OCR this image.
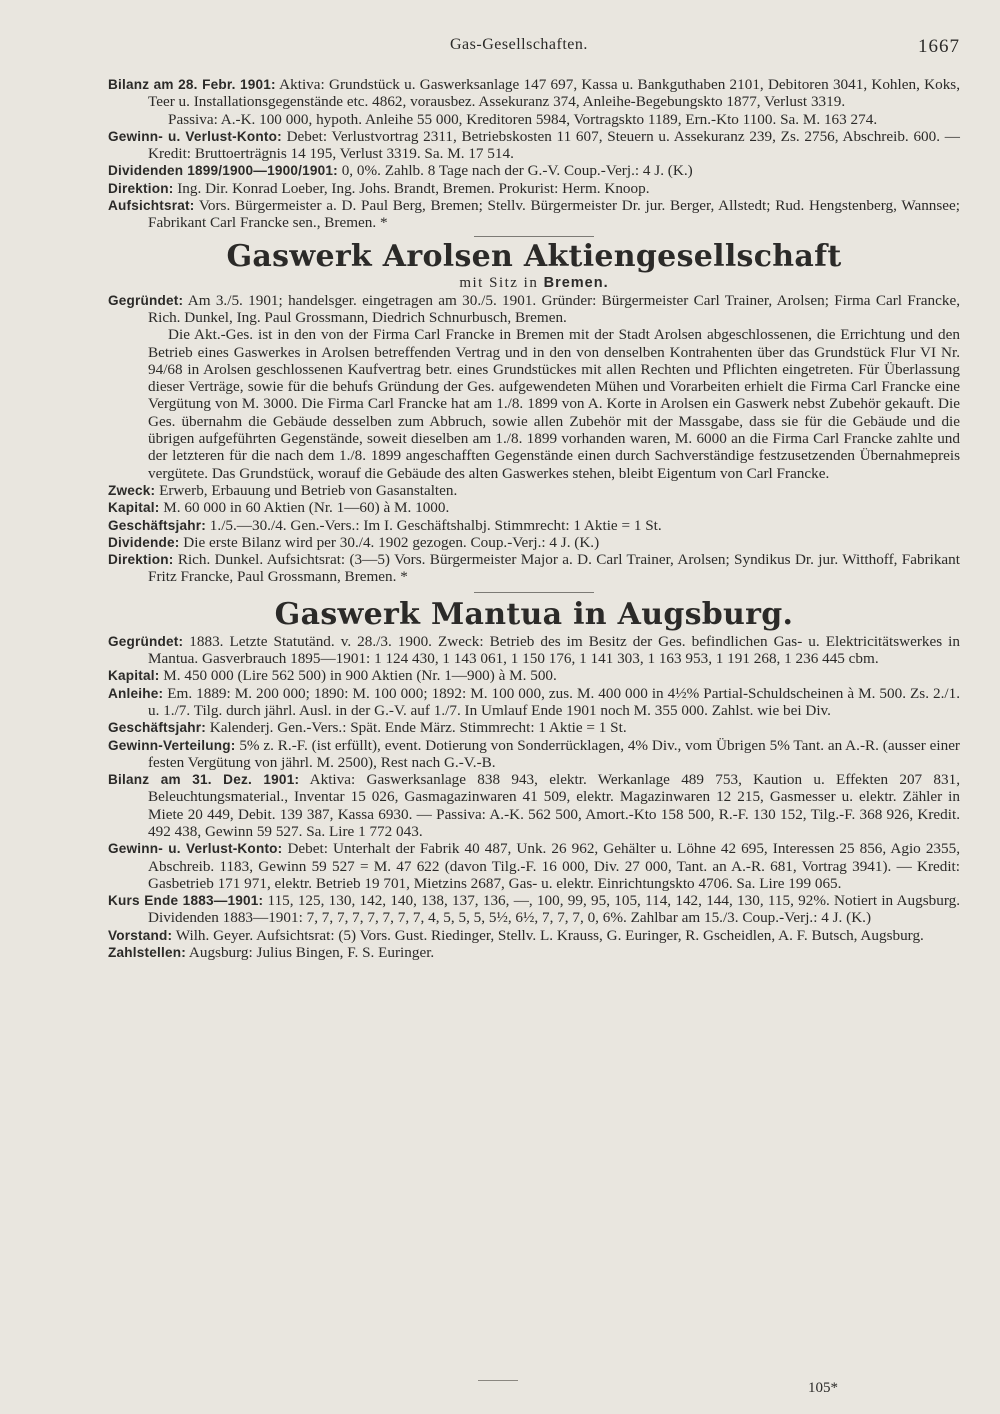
Gas-Gesellschaften.	1667
Bilanz am 28. Febr. 1901: Aktiva: Grundstück u. Gaswerksanlage 147 697, Kassa u. Bankguthaben 2101, Debitoren 3041, Kohlen, Koks, Teer u. Installationsgegenstände etc. 4862, vorausbez. Assekuranz 374, Anleihe-Begebungskto 1877, Verlust 3319.
Passiva: A.-K. 100 000, hypoth. Anleihe 55 000, Kreditoren 5984, Vortragskto 1189, Ern.-Kto 1100. Sa. M. 163 274.
Gewinn- u. Verlust-Konto: Debet: Verlustvortrag 2311, Betriebskosten 11 607, Steuern u. Assekuranz 239, Zs. 2756, Abschreib. 600. — Kredit: Bruttoerträgnis 14 195, Verlust 3319. Sa. M. 17 514.
Dividenden 1899/1900—1900/1901: 0, 0%. Zahlb. 8 Tage nach der G.-V. Coup.-Verj.: 4 J. (K.)
Direktion: Ing. Dir. Konrad Loeber, Ing. Johs. Brandt, Bremen. Prokurist: Herm. Knoop.
Aufsichtsrat: Vors. Bürgermeister a. D. Paul Berg, Bremen; Stellv. Bürgermeister Dr. jur. Berger, Allstedt; Rud. Hengstenberg, Wannsee; Fabrikant Carl Francke sen., Bremen. *
Gaswerk Arolsen Aktiengesellschaft
mit Sitz in Bremen.
Gegründet: Am 3./5. 1901; handelsger. eingetragen am 30./5. 1901. Gründer: Bürgermeister Carl Trainer, Arolsen; Firma Carl Francke, Rich. Dunkel, Ing. Paul Grossmann, Diedrich Schnurbusch, Bremen.
Die Akt.-Ges. ist in den von der Firma Carl Francke in Bremen mit der Stadt Arolsen abgeschlossenen, die Errichtung und den Betrieb eines Gaswerkes in Arolsen betreffenden Vertrag und in den von denselben Kontrahenten über das Grundstück Flur VI Nr. 94/68 in Arolsen geschlossenen Kaufvertrag betr. eines Grundstückes mit allen Rechten und Pflichten eingetreten. Für Überlassung dieser Verträge, sowie für die behufs Gründung der Ges. aufgewendeten Mühen und Vorarbeiten erhielt die Firma Carl Francke eine Vergütung von M. 3000. Die Firma Carl Francke hat am 1./8. 1899 von A. Korte in Arolsen ein Gaswerk nebst Zubehör gekauft. Die Ges. übernahm die Gebäude desselben zum Abbruch, sowie allen Zubehör mit der Massgabe, dass sie für die Gebäude und die übrigen aufgeführten Gegenstände, soweit dieselben am 1./8. 1899 vorhanden waren, M. 6000 an die Firma Carl Francke zahlte und der letzteren für die nach dem 1./8. 1899 angeschafften Gegenstände einen durch Sachverständige festzusetzenden Übernahmepreis vergütete. Das Grundstück, worauf die Gebäude des alten Gaswerkes stehen, bleibt Eigentum von Carl Francke.
Zweck: Erwerb, Erbauung und Betrieb von Gasanstalten.
Kapital: M. 60 000 in 60 Aktien (Nr. 1—60) à M. 1000.
Geschäftsjahr: 1./5.—30./4. Gen.-Vers.: Im I. Geschäftshalbj. Stimmrecht: 1 Aktie = 1 St.
Dividende: Die erste Bilanz wird per 30./4. 1902 gezogen. Coup.-Verj.: 4 J. (K.)
Direktion: Rich. Dunkel. Aufsichtsrat: (3—5) Vors. Bürgermeister Major a. D. Carl Trainer, Arolsen; Syndikus Dr. jur. Witthoff, Fabrikant Fritz Francke, Paul Grossmann, Bremen. *
Gaswerk Mantua in Augsburg.
Gegründet: 1883. Letzte Statutänd. v. 28./3. 1900. Zweck: Betrieb des im Besitz der Ges. befindlichen Gas- u. Elektricitätswerkes in Mantua. Gasverbrauch 1895—1901: 1 124 430, 1 143 061, 1 150 176, 1 141 303, 1 163 953, 1 191 268, 1 236 445 cbm.
Kapital: M. 450 000 (Lire 562 500) in 900 Aktien (Nr. 1—900) à M. 500.
Anleihe: Em. 1889: M. 200 000; 1890: M. 100 000; 1892: M. 100 000, zus. M. 400 000 in 4½% Partial-Schuldscheinen à M. 500. Zs. 2./1. u. 1./7. Tilg. durch jährl. Ausl. in der G.-V. auf 1./7. In Umlauf Ende 1901 noch M. 355 000. Zahlst. wie bei Div.
Geschäftsjahr: Kalenderj. Gen.-Vers.: Spät. Ende März. Stimmrecht: 1 Aktie = 1 St.
Gewinn-Verteilung: 5% z. R.-F. (ist erfüllt), event. Dotierung von Sonderrücklagen, 4% Div., vom Übrigen 5% Tant. an A.-R. (ausser einer festen Vergütung von jährl. M. 2500), Rest nach G.-V.-B.
Bilanz am 31. Dez. 1901: Aktiva: Gaswerksanlage 838 943, elektr. Werkanlage 489 753, Kaution u. Effekten 207 831, Beleuchtungsmaterial., Inventar 15 026, Gasmagazinwaren 41 509, elektr. Magazinwaren 12 215, Gasmesser u. elektr. Zähler in Miete 20 449, Debit. 139 387, Kassa 6930. — Passiva: A.-K. 562 500, Amort.-Kto 158 500, R.-F. 130 152, Tilg.-F. 368 926, Kredit. 492 438, Gewinn 59 527. Sa. Lire 1 772 043.
Gewinn- u. Verlust-Konto: Debet: Unterhalt der Fabrik 40 487, Unk. 26 962, Gehälter u. Löhne 42 695, Interessen 25 856, Agio 2355, Abschreib. 1183, Gewinn 59 527 = M. 47 622 (davon Tilg.-F. 16 000, Div. 27 000, Tant. an A.-R. 681, Vortrag 3941). — Kredit: Gasbetrieb 171 971, elektr. Betrieb 19 701, Mietzins 2687, Gas- u. elektr. Einrichtungskto 4706. Sa. Lire 199 065.
Kurs Ende 1883—1901: 115, 125, 130, 142, 140, 138, 137, 136, —, 100, 99, 95, 105, 114, 142, 144, 130, 115, 92%. Notiert in Augsburg. Dividenden 1883—1901: 7, 7, 7, 7, 7, 7, 7, 7, 4, 5, 5, 5, 5½, 6½, 7, 7, 7, 0, 6%. Zahlbar am 15./3. Coup.-Verj.: 4 J. (K.)
Vorstand: Wilh. Geyer. Aufsichtsrat: (5) Vors. Gust. Riedinger, Stellv. L. Krauss, G. Euringer, R. Gscheidlen, A. F. Butsch, Augsburg.
Zahlstellen: Augsburg: Julius Bingen, F. S. Euringer.
105*
